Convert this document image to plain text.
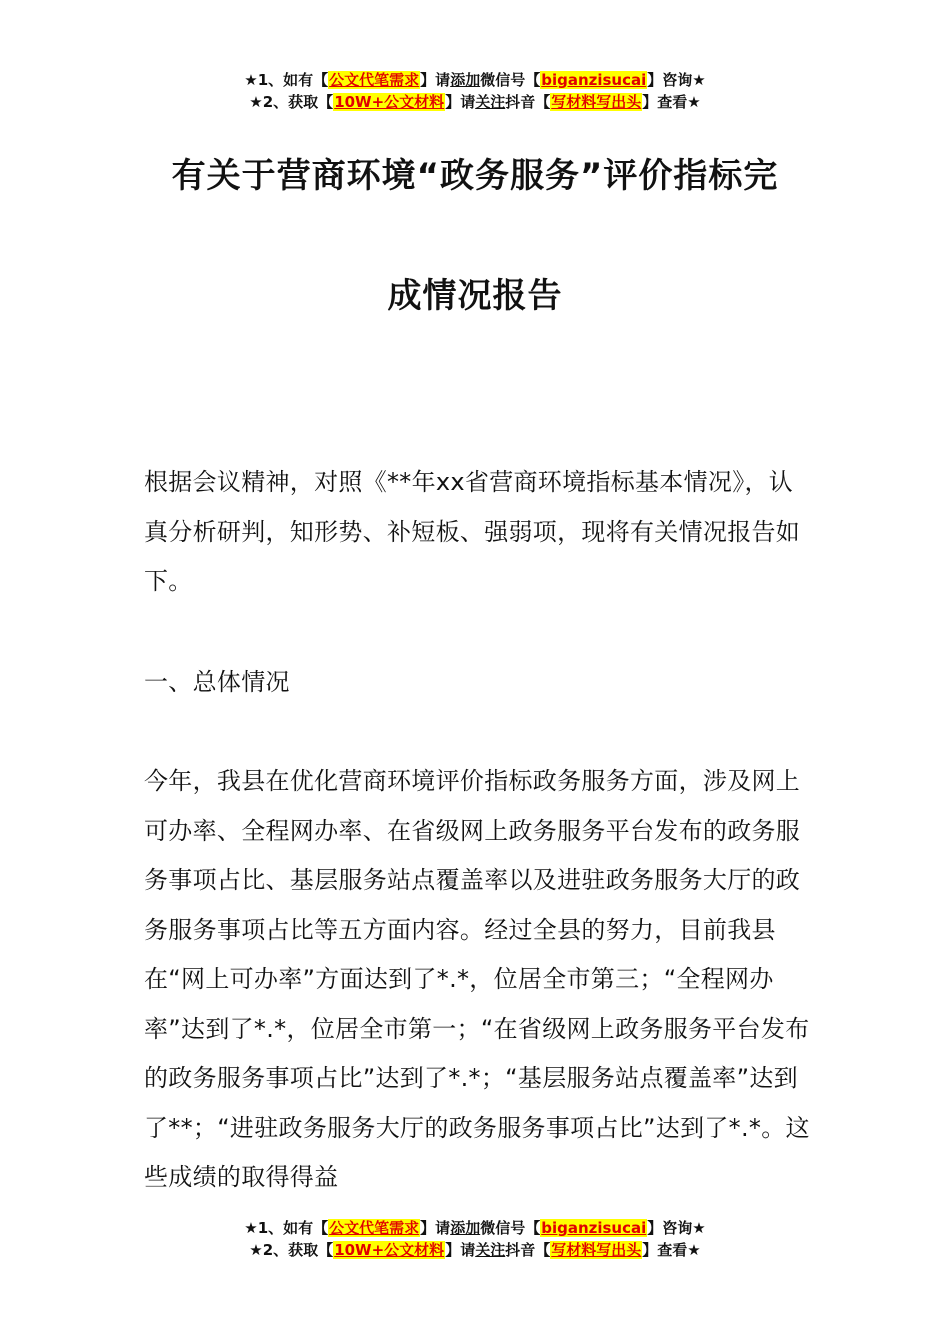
★1、如有【公文代笔需求】请添加微信号【biganzisucai】咨询★
★2、获取【10W+公文材料】请关注抖音【写材料写出头】查看★
有关于营商环境“政务服务”评价指标完
成情况报告
根据会议精神，对照《**年xx省营商环境指标基本情况》，认真分析研判，知形势、补短板、强弱项，现将有关情况报告如下。
一、总体情况
今年，我县在优化营商环境评价指标政务服务方面，涉及网上可办率、全程网办率、在省级网上政务服务平台发布的政务服务事项占比、基层服务站点覆盖率以及进驻政务服务大厅的政务服务事项占比等五方面内容。经过全县的努力，目前我县在“网上可办率”方面达到了*.*，位居全市第三；“全程网办率”达到了*.*，位居全市第一；“在省级网上政务服务平台发布的政务服务事项占比”达到了*.*；“基层服务站点覆盖率”达到了**；“进驻政务服务大厅的政务服务事项占比”达到了*.*。这些成绩的取得得益
★1、如有【公文代笔需求】请添加微信号【biganzisucai】咨询★
★2、获取【10W+公文材料】请关注抖音【写材料写出头】查看★
